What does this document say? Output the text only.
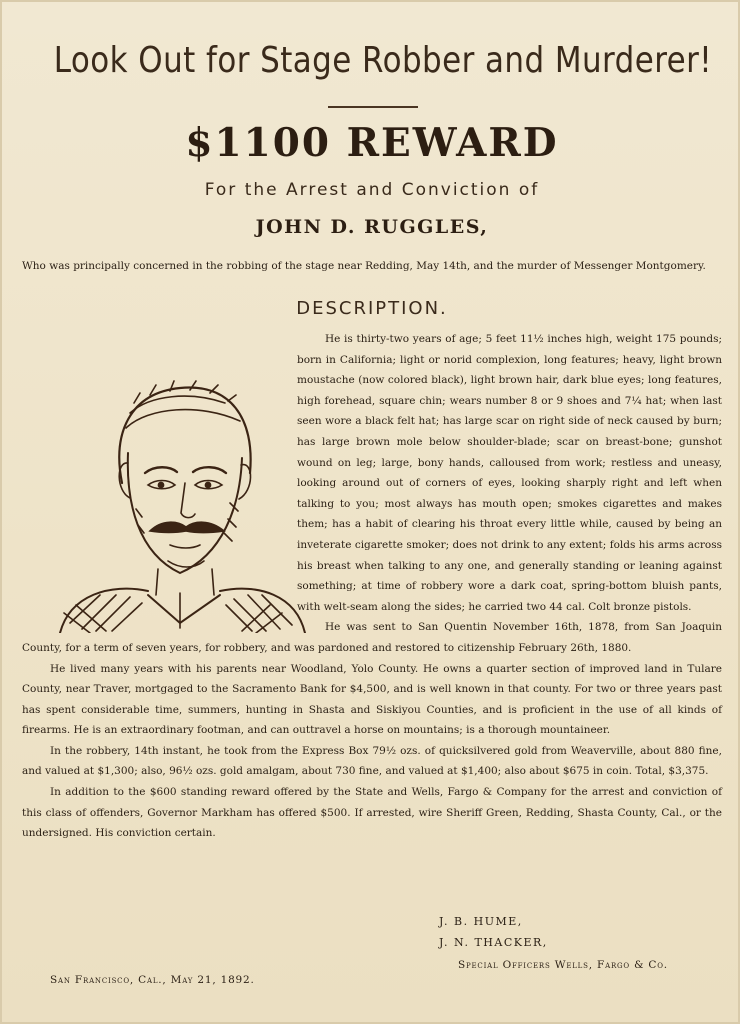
Look Out for Stage Robber and Murderer!
$1100 REWARD
For the Arrest and Conviction of
JOHN D. RUGGLES,
Who was principally concerned in the robbing of the stage near Redding, May 14th, and the murder of Messenger Montgomery.
DESCRIPTION.

He is thirty-two years of age; 5 feet 11½ inches high, weight 175 pounds; born in California; light or norid complexion, long features; heavy, light brown moustache (now colored black), light brown hair, dark blue eyes; long features, high forehead, square chin; wears number 8 or 9 shoes and 7¼ hat; when last seen wore a black felt hat; has large scar on right side of neck caused by burn; has large brown mole below shoulder-blade; scar on breast-bone; gunshot wound on leg; large, bony hands, calloused from work; restless and uneasy, looking around out of corners of eyes, looking sharply right and left when talking to you; most always has mouth open; smokes cigarettes and makes them; has a habit of clearing his throat every little while, caused by being an inveterate cigarette smoker; does not drink to any extent; folds his arms across his breast when talking to any one, and generally standing or leaning against something; at time of robbery wore a dark coat, spring-bottom bluish pants, with welt-seam along the sides; he carried two 44 cal. Colt bronze pistols.

He was sent to San Quentin November 16th, 1878, from San Joaquin County, for a term of seven years, for robbery, and was pardoned and restored to citizenship February 26th, 1880.

He lived many years with his parents near Woodland, Yolo County. He owns a quarter section of improved land in Tulare County, near Traver, mortgaged to the Sacramento Bank for $4,500, and is well known in that county. For two or three years past has spent considerable time, summers, hunting in Shasta and Siskiyou Counties, and is proficient in the use of all kinds of firearms. He is an extraordinary footman, and can outtravel a horse on mountains; is a thorough mountaineer.

In the robbery, 14th instant, he took from the Express Box 79½ ozs. of quicksilvered gold from Weaverville, about 880 fine, and valued at $1,300; also, 96½ ozs. gold amalgam, about 730 fine, and valued at $1,400; also about $675 in coin. Total, $3,375.

In addition to the $600 standing reward offered by the State and Wells, Fargo & Company for the arrest and conviction of this class of offenders, Governor Markham has offered $500. If arrested, wire Sheriff Green, Redding, Shasta County, Cal., or the undersigned. His conviction certain.

J. B. HUME,
J. N. THACKER,
Special Officers Wells, Fargo & Co.
San Francisco, Cal., May 21, 1892.
